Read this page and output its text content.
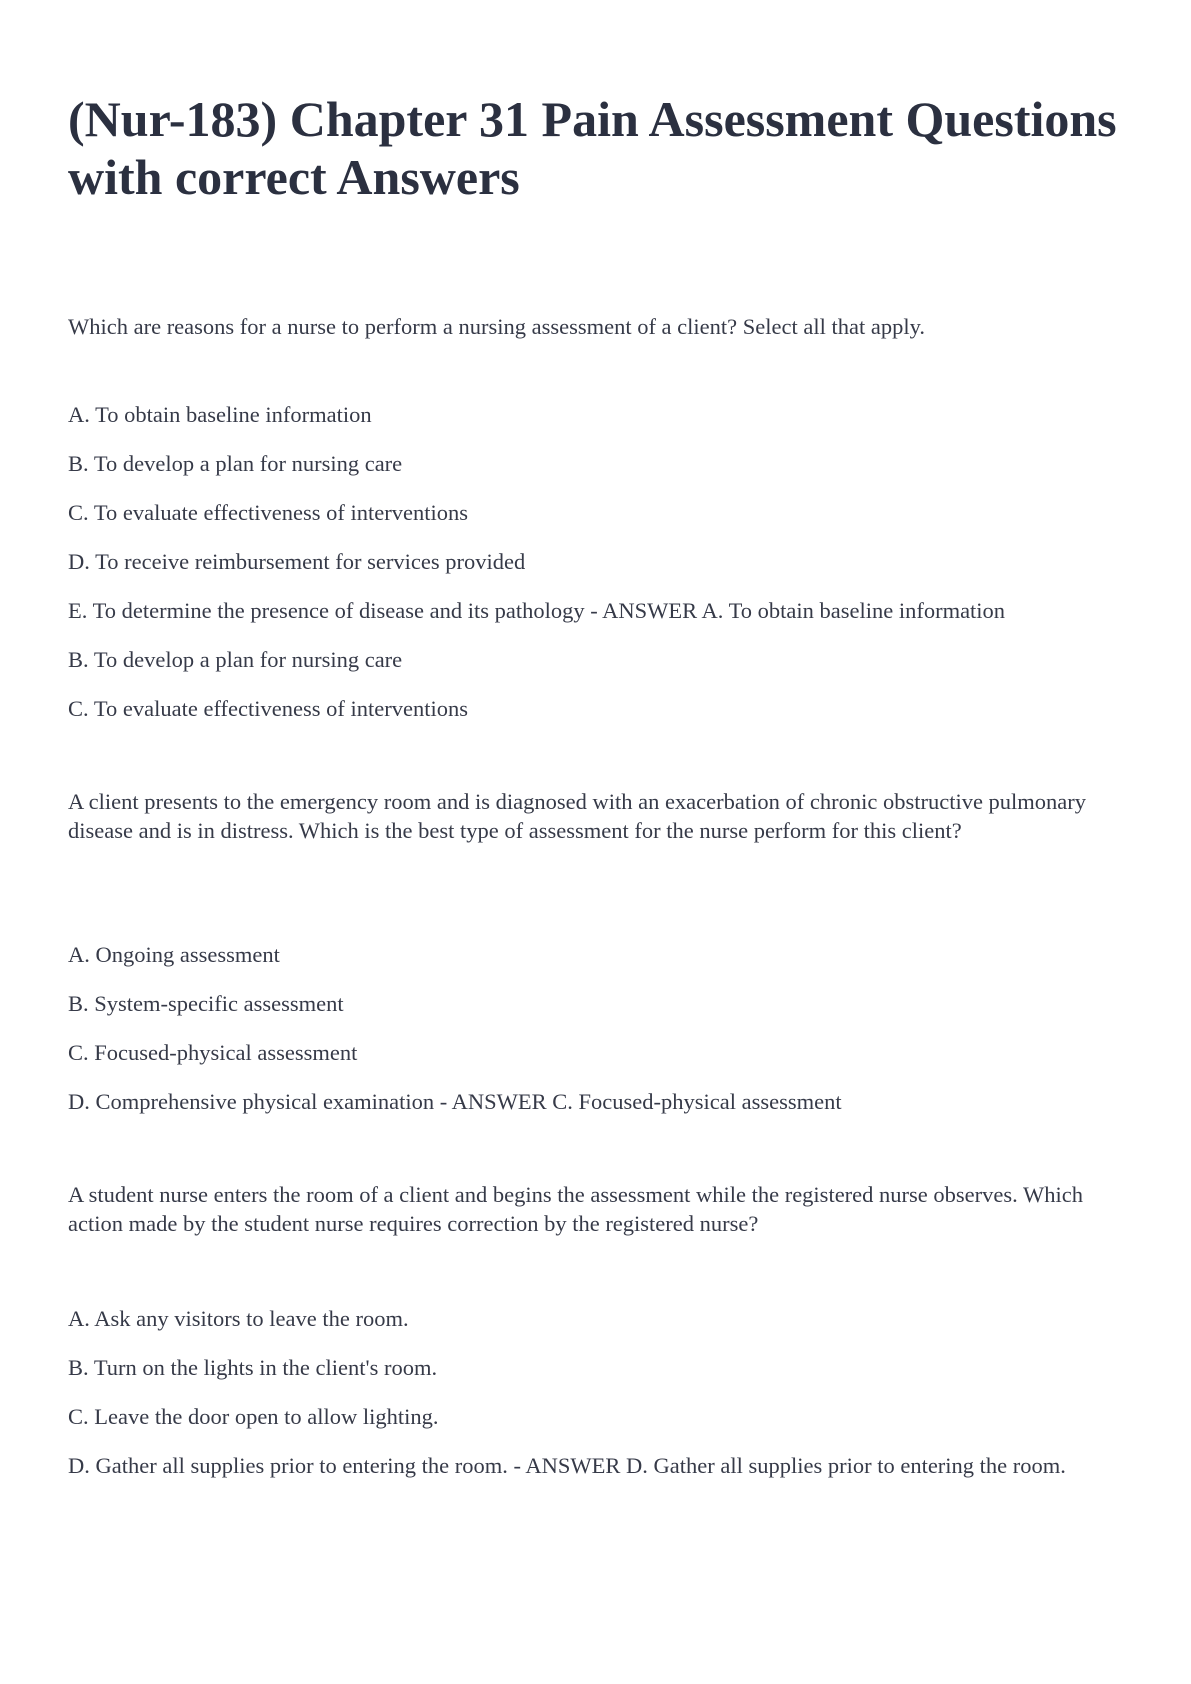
(Nur-183) Chapter 31 Pain Assessment Questions with correct Answers

Which are reasons for a nurse to perform a nursing assessment of a client? Select all that apply.

A. To obtain baseline information

B. To develop a plan for nursing care

C. To evaluate effectiveness of interventions

D. To receive reimbursement for services provided

E. To determine the presence of disease and its pathology - ANSWER A. To obtain baseline information

B. To develop a plan for nursing care

C. To evaluate effectiveness of interventions

A client presents to the emergency room and is diagnosed with an exacerbation of chronic obstructive pulmonary disease and is in distress. Which is the best type of assessment for the nurse perform for this client?

A. Ongoing assessment

B. System-specific assessment

C. Focused-physical assessment

D. Comprehensive physical examination - ANSWER C. Focused-physical assessment

A student nurse enters the room of a client and begins the assessment while the registered nurse observes. Which action made by the student nurse requires correction by the registered nurse?

A. Ask any visitors to leave the room.

B. Turn on the lights in the client's room.

C. Leave the door open to allow lighting.

D. Gather all supplies prior to entering the room. - ANSWER D. Gather all supplies prior to entering the room.
